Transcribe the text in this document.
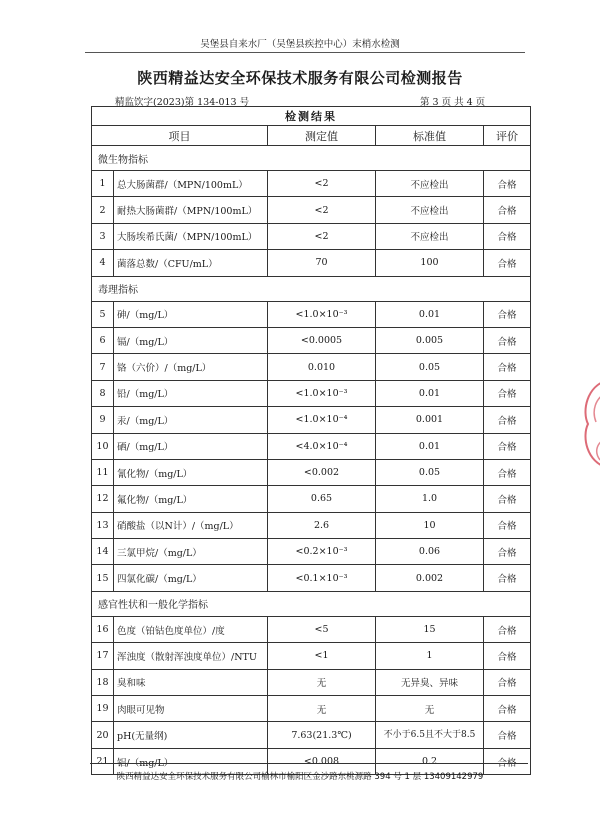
吴堡县自来水厂（吴堡县疾控中心）末梢水检测
陕西精益达安全环保技术服务有限公司检测报告
精监饮字(2023)第 134-013 号	第 3 页 共 4 页
检测结果				
项目		测定值	标准值	评价
微生物指标				
1	总大肠菌群/（MPN/100mL）	<2	不应检出	合格
2	耐热大肠菌群/（MPN/100mL）	<2	不应检出	合格
3	大肠埃希氏菌/（MPN/100mL）	<2	不应检出	合格
4	菌落总数/（CFU/mL）	70	100	合格
毒理指标				
5	砷/（mg/L）	<1.0×10⁻³	0.01	合格
6	镉/（mg/L）	<0.0005	0.005	合格
7	铬（六价）/（mg/L）	0.010	0.05	合格
8	铅/（mg/L）	<1.0×10⁻³	0.01	合格
9	汞/（mg/L）	<1.0×10⁻⁴	0.001	合格
10	硒/（mg/L）	<4.0×10⁻⁴	0.01	合格
11	氰化物/（mg/L）	<0.002	0.05	合格
12	氟化物/（mg/L）	0.65	1.0	合格
13	硝酸盐（以N计）/（mg/L）	2.6	10	合格
14	三氯甲烷/（mg/L）	<0.2×10⁻³	0.06	合格
15	四氯化碳/（mg/L）	<0.1×10⁻³	0.002	合格
感官性状和一般化学指标				
16	色度（铂钴色度单位）/度	<5	15	合格
17	浑浊度（散射浑浊度单位）/NTU	<1	1	合格
18	臭和味	无	无异臭、异味	合格
19	肉眼可见物	无	无	合格
20	pH(无量纲)	7.63(21.3℃)	不小于6.5且不大于8.5	合格
21	铝/（mg/L）	<0.008	0.2	合格
陕西精益达安全环保技术服务有限公司榆林市榆阳区金沙路东桃源路 394 号 1 层 13409142979
